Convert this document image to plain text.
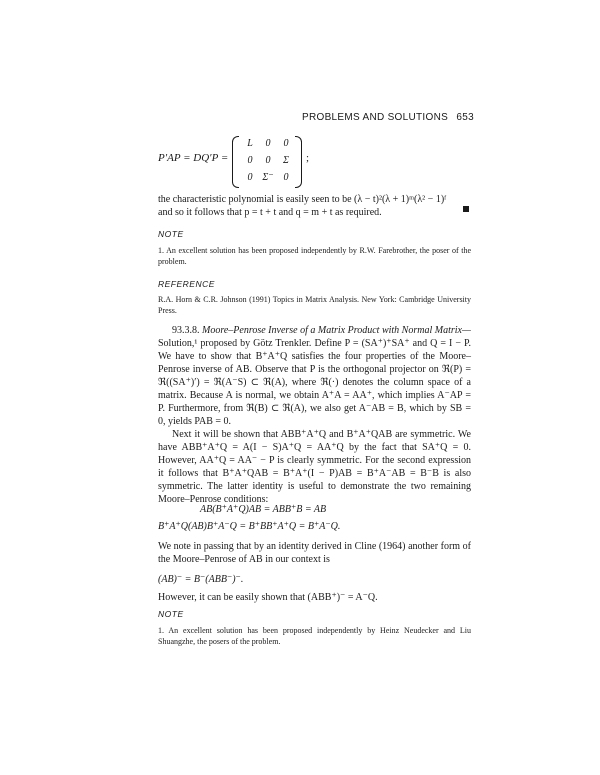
PROBLEMS AND SOLUTIONS 653
P′AP = DQ′P =
L	0	0
0	0	Σ
0 Σ⁻ 0
;
the characteristic polynomial is easily seen to be (λ − t)²(λ + 1)ᵐ(λ² − 1)ᶠ
and so it follows that p = t + t and q = m + t as required.
NOTE
1. An excellent solution has been proposed independently by R.W. Farebrother, the poser of the problem.
REFERENCE
R.A. Horn & C.R. Johnson (1991) Topics in Matrix Analysis. New York: Cambridge University Press.
93.3.8. Moore–Penrose Inverse of a Matrix Product with Normal Matrix—
Solution,¹ proposed by Götz Trenkler. Define P = (SA⁺)⁺SA⁺ and Q = I − P. We have to show that B⁺A⁺Q satisfies the four properties of the Moore–Penrose inverse of AB. Observe that P is the orthogonal projector on ℜ(P) = ℜ((SA⁺)′) = ℜ(A⁻S) ⊂ ℜ(A), where ℜ(·) denotes the column space of a matrix. Because A is normal, we obtain A⁺A = AA⁺, which implies A⁻AP = P. Furthermore, from ℜ(B) ⊂ ℜ(A), we also get A⁻AB = B, which by SB = 0, yields PAB = 0.
Next it will be shown that ABB⁺A⁺Q and B⁺A⁺QAB are symmetric. We have ABB⁺A⁺Q = A(I − S)A⁺Q = AA⁺Q by the fact that SA⁺Q = 0. However, AA⁺Q = AA⁻ − P is clearly symmetric. For the second expression it follows that B⁺A⁺QAB = B⁺A⁺(I − P)AB = B⁺A⁻AB = B⁻B is also symmetric. The latter identity is useful to demonstrate the two remaining Moore–Penrose conditions:
AB(B⁺A⁺Q)AB = ABB⁺B = AB
B⁺A⁺Q(AB)B⁺A⁻Q = B⁺BB⁺A⁺Q = B⁺A⁻Q.
We note in passing that by an identity derived in Cline (1964) another form of the Moore–Penrose of AB in our context is
(AB)⁻ = B⁻(ABB⁻)⁻.
However, it can be easily shown that (ABB⁺)⁻ = A⁻Q.
NOTE
1. An excellent solution has been proposed independently by Heinz Neudecker and Liu Shuangzhe, the posers of the problem.
